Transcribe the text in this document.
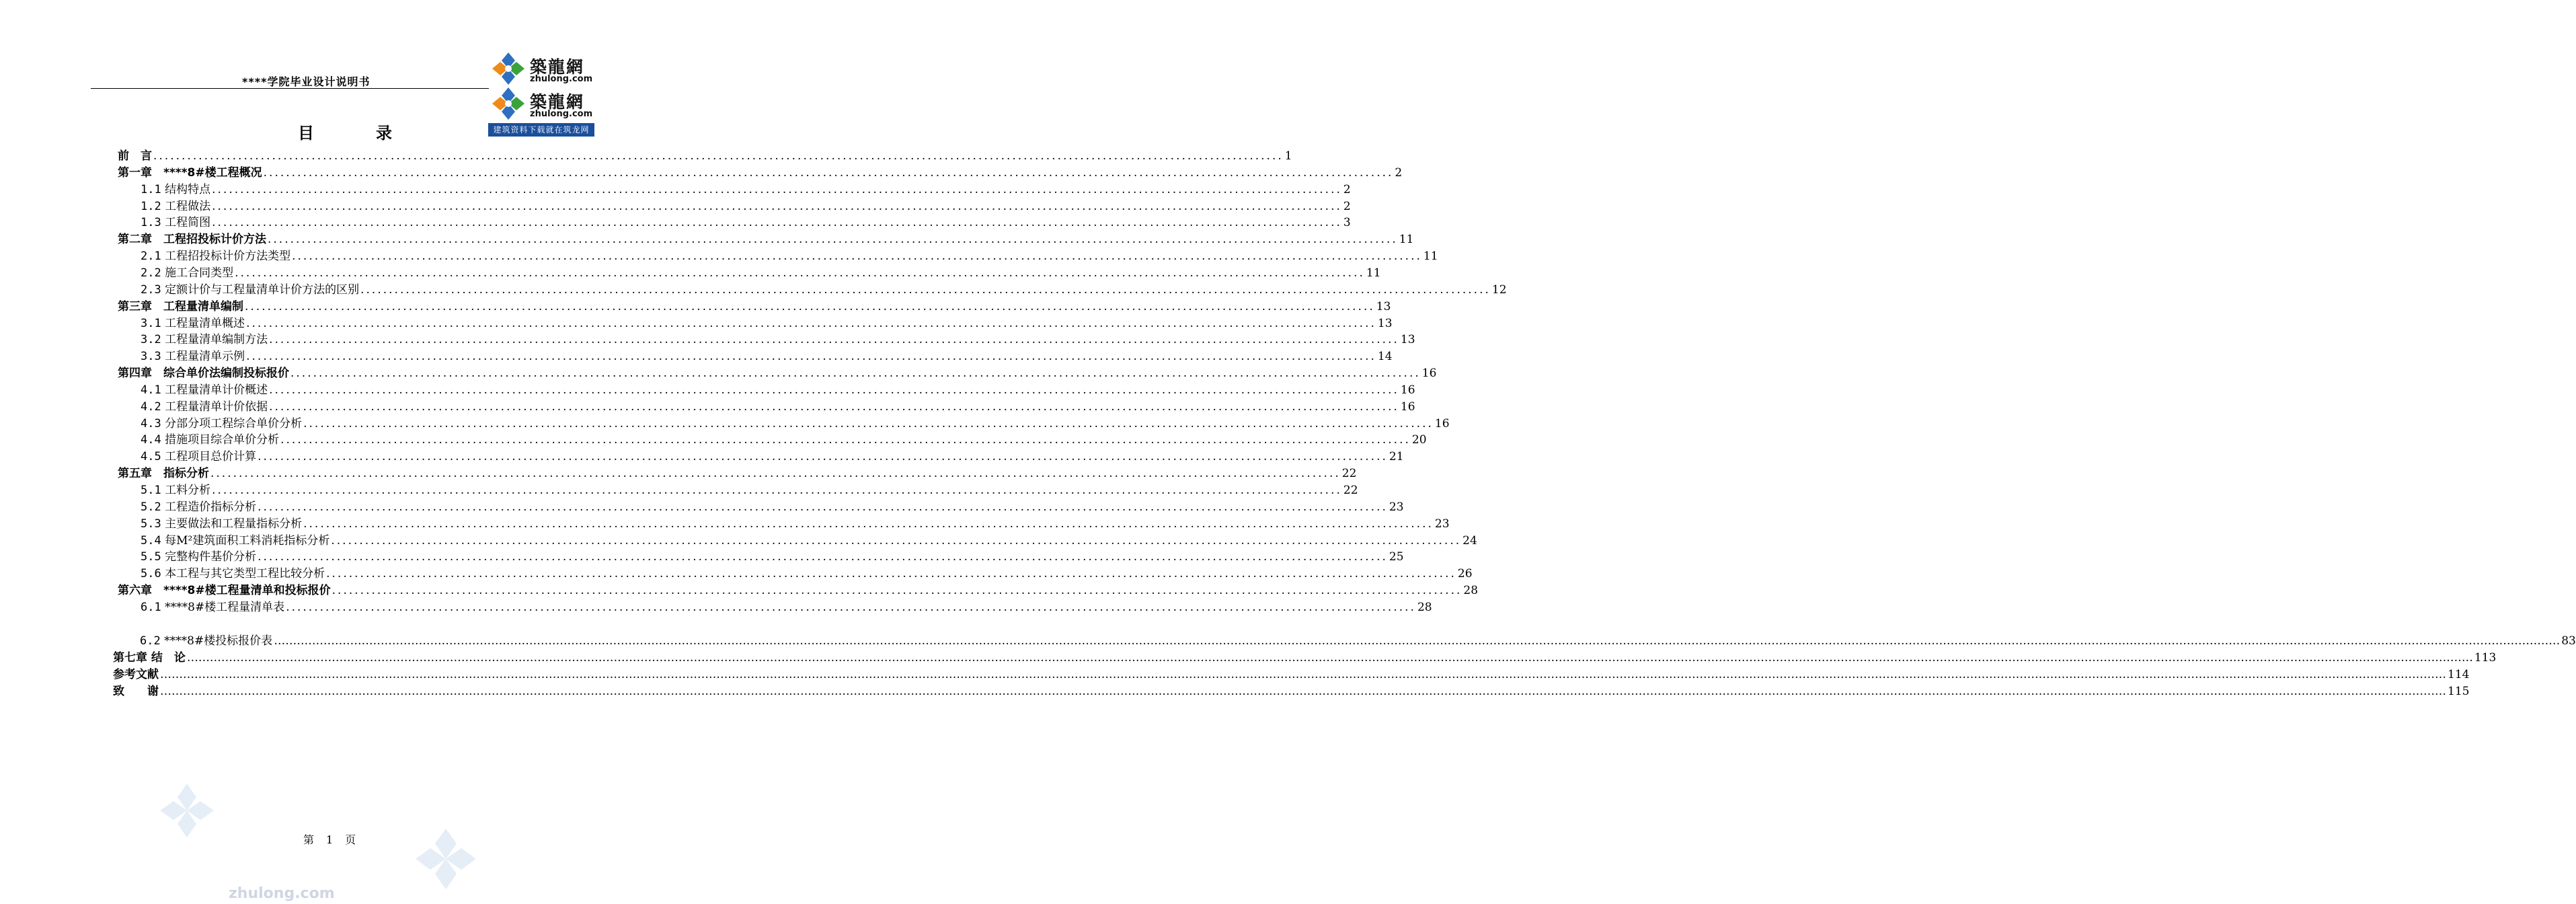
****学院毕业设计说明书
築龍網
zhulong.com
築龍網
zhulong.com
建筑资料下载就在筑龙网
目　录
前　言 ........................................................................................................................................................................................................ 1
第一章　****8#楼工程概况 ........................................................................................................................................................................................................ 2
1.1 结构特点 ........................................................................................................................................................................................................ 2
1.2 工程做法 ........................................................................................................................................................................................................ 2
1.3 工程简图 ........................................................................................................................................................................................................ 3
第二章　工程招投标计价方法 ........................................................................................................................................................................................................ 11
2.1 工程招投标计价方法类型 ........................................................................................................................................................................................................ 11
2.2 施工合同类型 ........................................................................................................................................................................................................ 11
2.3 定额计价与工程量清单计价方法的区别 ........................................................................................................................................................................................................ 12
第三章　工程量清单编制 ........................................................................................................................................................................................................ 13
3.1 工程量清单概述 ........................................................................................................................................................................................................ 13
3.2 工程量清单编制方法 ........................................................................................................................................................................................................ 13
3.3 工程量清单示例 ........................................................................................................................................................................................................ 14
第四章　综合单价法编制投标报价 ........................................................................................................................................................................................................ 16
4.1 工程量清单计价概述 ........................................................................................................................................................................................................ 16
4.2 工程量清单计价依据 ........................................................................................................................................................................................................ 16
4.3 分部分项工程综合单价分析 ........................................................................................................................................................................................................ 16
4.4 措施项目综合单价分析 ........................................................................................................................................................................................................ 20
4.5 工程项目总价计算 ........................................................................................................................................................................................................ 21
第五章　指标分析 ........................................................................................................................................................................................................ 22
5.1 工料分析 ........................................................................................................................................................................................................ 22
5.2 工程造价指标分析 ........................................................................................................................................................................................................ 23
5.3 主要做法和工程量指标分析 ........................................................................................................................................................................................................ 23
5.4 每M²建筑面积工料消耗指标分析 ........................................................................................................................................................................................................ 24
5.5 完整构件基价分析 ........................................................................................................................................................................................................ 25
5.6 本工程与其它类型工程比较分析 ........................................................................................................................................................................................................ 26
第六章　****8#楼工程量清单和投标报价 ........................................................................................................................................................................................................ 28
6.1 ****8#楼工程量清单表 ........................................................................................................................................................................................................ 28
6.2 ****8#楼投标报价表 …………………………………………………………………………………………………………………………………………………………………………………………………………………………………………………………………………………………………………………………………………………………………………………………………………………………………………………………………………………………………………………………………………………… 83
第七章 结　论 …………………………………………………………………………………………………………………………………………………………………………………………………………………………………………………………………………………………………………………………………………………………………………………………………………………………………………………………………………………………………………………………………………………… 113
参考文献 …………………………………………………………………………………………………………………………………………………………………………………………………………………………………………………………………………………………………………………………………………………………………………………………………………………………………………………………………………………………………………………………………………………… 114
致　　谢 …………………………………………………………………………………………………………………………………………………………………………………………………………………………………………………………………………………………………………………………………………………………………………………………………………………………………………………………………………………………………………………………………………………… 115
zhulong.com
第　1　页
